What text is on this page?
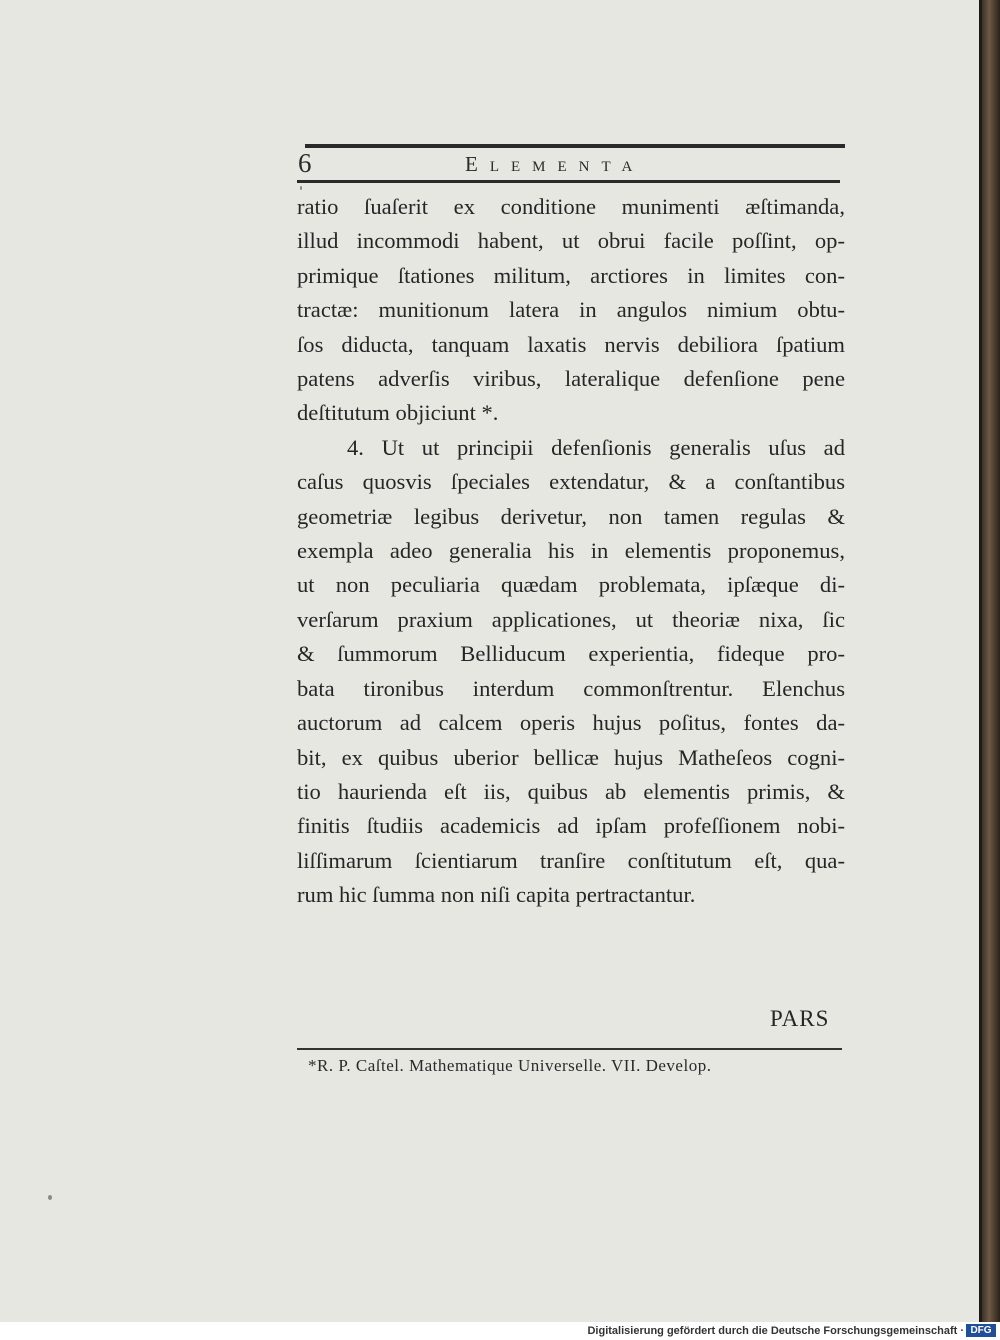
6	Elementa
ratio ſuaſerit ex conditione munimenti æſtimanda,
illud incommodi habent, ut obrui facile poſſint, op-
primique ſtationes militum, arctiores in limites con-
tractæ: munitionum latera in angulos nimium obtu-
ſos diducta, tanquam laxatis nervis debiliora ſpatium
patens adverſis viribus, lateralique defenſione pene
deſtitutum objiciunt *.
4. Ut ut principii defenſionis generalis uſus ad
caſus quosvis ſpeciales extendatur, & a conſtantibus
geometriæ legibus derivetur, non tamen regulas &
exempla adeo generalia his in elementis proponemus,
ut non peculiaria quædam problemata, ipſæque di-
verſarum praxium applicationes, ut theoriæ nixa, ſic
& ſummorum Belliducum experientia, fideque pro-
bata tironibus interdum commonſtrentur. Elenchus
auctorum ad calcem operis hujus poſitus, fontes da-
bit, ex quibus uberior bellicæ hujus Matheſeos cogni-
tio haurienda eſt iis, quibus ab elementis primis, &
finitis ſtudiis academicis ad ipſam profeſſionem nobi-
liſſimarum ſcientiarum tranſire conſtitutum eſt, qua-
rum hic ſumma non niſi capita pertractantur.
PARS
*R. P. Caſtel. Mathematique Universelle. VII. Develop.
Digitalisierung gefördert durch die Deutsche Forschungsgemeinschaft · DFG
